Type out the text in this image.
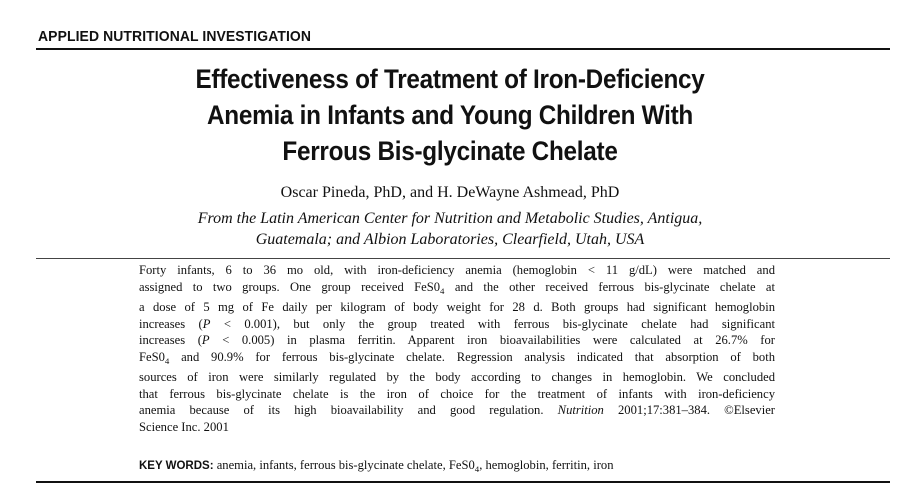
APPLIED NUTRITIONAL INVESTIGATION
Effectiveness of Treatment of Iron-Deficiency
Anemia in Infants and Young Children With
Ferrous Bis-glycinate Chelate
Oscar Pineda, PhD, and H. DeWayne Ashmead, PhD
From the Latin American Center for Nutrition and Metabolic Studies, Antigua,
Guatemala; and Albion Laboratories, Clearfield, Utah, USA
Forty infants, 6 to 36 mo old, with iron-deficiency anemia (hemoglobin < 11 g/dL) were matched and
assigned to two groups. One group received $FeS0_4$ and the other received ferrous bis-glycinate chelate at
a dose of 5 mg of Fe daily per kilogram of body weight for 28 d. Both groups had significant hemoglobin
increases (P < 0.001), but only the group treated with ferrous bis-glycinate chelate had significant
increases (P < 0.005) in plasma ferritin. Apparent iron bioavailabilities were calculated at 26.7% for
$FeS0_4$ and 90.9% for ferrous bis-glycinate chelate. Regression analysis indicated that absorption of both
sources of iron were similarly regulated by the body according to changes in hemoglobin. We concluded
that ferrous bis-glycinate chelate is the iron of choice for the treatment of infants with iron-deficiency
anemia because of its high bioavailability and good regulation. Nutrition 2001;17:381–384. ©Elsevier
Science Inc. 2001
KEY WORDS: anemia, infants, ferrous bis-glycinate chelate, $FeS0_4$, hemoglobin, ferritin, iron
